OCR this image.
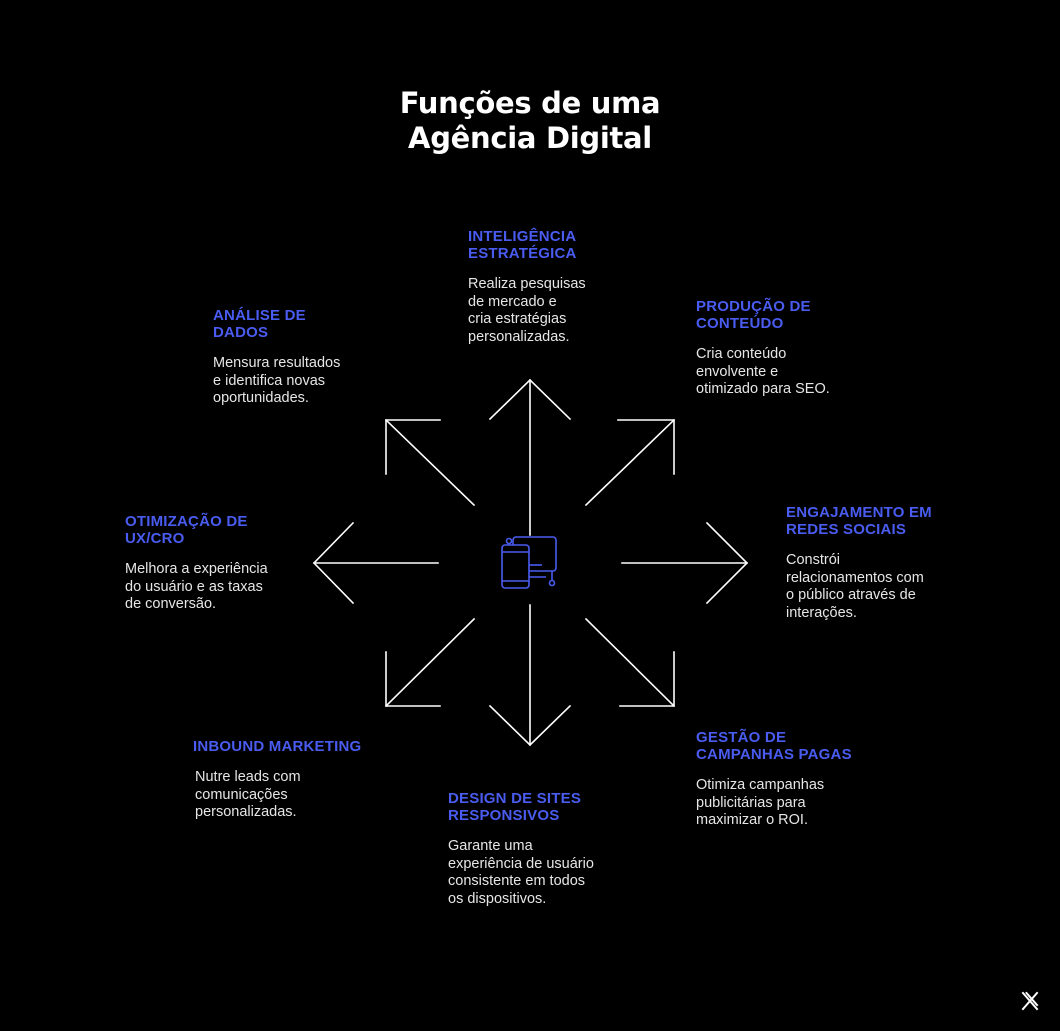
Funções de uma
Agência Digital
INTELIGÊNCIA
ESTRATÉGICA
Realiza pesquisas
de mercado e
cria estratégias
personalizadas.
PRODUÇÃO DE
CONTEÚDO
Cria conteúdo
envolvente e
otimizado para SEO.
ENGAJAMENTO EM
REDES SOCIAIS
Constrói
relacionamentos com
o público através de
interações.
GESTÃO DE
CAMPANHAS PAGAS
Otimiza campanhas
publicitárias para
maximizar o ROI.
DESIGN DE SITES
RESPONSIVOS
Garante uma
experiência de usuário
consistente em todos
os dispositivos.
INBOUND MARKETING
Nutre leads com
comunicações
personalizadas.
OTIMIZAÇÃO DE
UX/CRO
Melhora a experiência
do usuário e as taxas
de conversão.
ANÁLISE DE
DADOS
Mensura resultados
e identifica novas
oportunidades.
